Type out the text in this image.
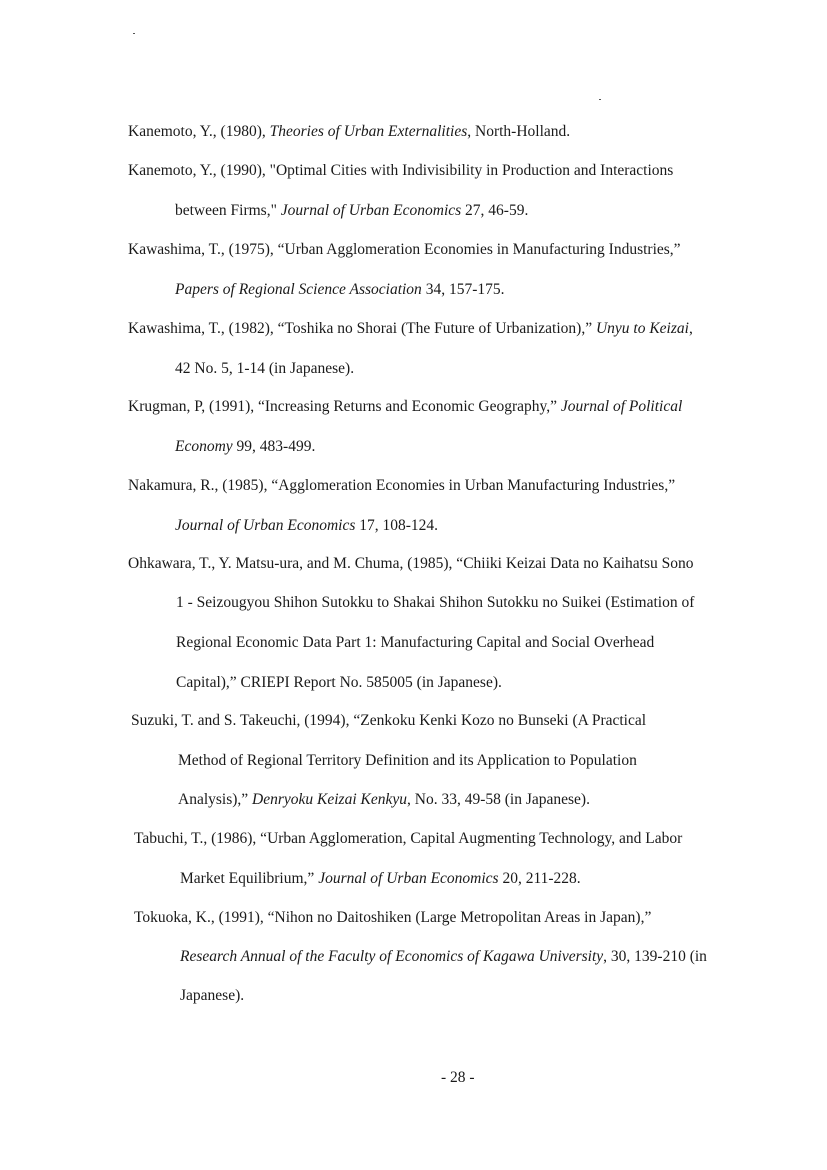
Kanemoto, Y., (1980), Theories of Urban Externalities, North-Holland.
Kanemoto, Y., (1990), "Optimal Cities with Indivisibility in Production and Interactions
between Firms," Journal of Urban Economics 27, 46-59.
Kawashima, T., (1975), “Urban Agglomeration Economies in Manufacturing Industries,”
Papers of Regional Science Association 34, 157-175.
Kawashima, T., (1982), “Toshika no Shorai (The Future of Urbanization),” Unyu to Keizai,
42 No. 5, 1-14 (in Japanese).
Krugman, P, (1991), “Increasing Returns and Economic Geography,” Journal of Political
Economy 99, 483-499.
Nakamura, R., (1985), “Agglomeration Economies in Urban Manufacturing Industries,”
Journal of Urban Economics 17, 108-124.
Ohkawara, T., Y. Matsu-ura, and M. Chuma, (1985), “Chiiki Keizai Data no Kaihatsu Sono
1 - Seizougyou Shihon Sutokku to Shakai Shihon Sutokku no Suikei (Estimation of
Regional Economic Data Part 1: Manufacturing Capital and Social Overhead
Capital),” CRIEPI Report No. 585005 (in Japanese).
Suzuki, T. and S. Takeuchi, (1994), “Zenkoku Kenki Kozo no Bunseki (A Practical
Method of Regional Territory Definition and its Application to Population
Analysis),” Denryoku Keizai Kenkyu, No. 33, 49-58 (in Japanese).
Tabuchi, T., (1986), “Urban Agglomeration, Capital Augmenting Technology, and Labor
Market Equilibrium,” Journal of Urban Economics 20, 211-228.
Tokuoka, K., (1991), “Nihon no Daitoshiken (Large Metropolitan Areas in Japan),”
Research Annual of the Faculty of Economics of Kagawa University, 30, 139-210 (in
Japanese).
- 28 -
